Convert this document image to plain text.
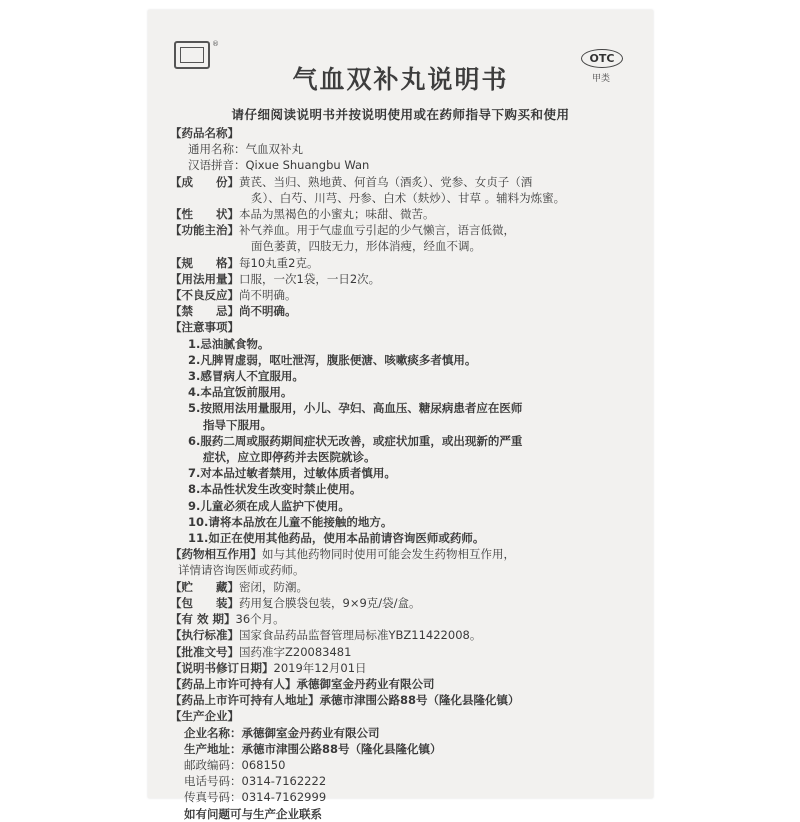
®
气血双补丸说明书
OTC
甲类
请仔细阅读说明书并按说明使用或在药师指导下购买和使用
【药品名称】
通用名称：气血双补丸
汉语拼音：Qixue Shuangbu Wan
【成　　份】黄芪、当归、熟地黄、何首乌（酒炙）、党参、女贞子（酒
炙）、白芍、川芎、丹参、白术（麸炒）、甘草 。辅料为炼蜜。
【性　　状】本品为黑褐色的小蜜丸；味甜、微苦。
【功能主治】补气养血。用于气虚血亏引起的少气懒言，语言低微，
面色萎黄，四肢无力，形体消瘦，经血不调。
【规　　格】每10丸重2克。
【用法用量】口服，一次1袋，一日2次。
【不良反应】尚不明确。
【禁　　忌】尚不明确。
【注意事项】
1.忌油腻食物。
2.凡脾胃虚弱，呕吐泄泻，腹胀便溏、咳嗽痰多者慎用。
3.感冒病人不宜服用。
4.本品宜饭前服用。
5.按照用法用量服用，小儿、孕妇、高血压、糖尿病患者应在医师
指导下服用。
6.服药二周或服药期间症状无改善，或症状加重，或出现新的严重
症状，应立即停药并去医院就诊。
7.对本品过敏者禁用，过敏体质者慎用。
8.本品性状发生改变时禁止使用。
9.儿童必须在成人监护下使用。
10.请将本品放在儿童不能接触的地方。
11.如正在使用其他药品，使用本品前请咨询医师或药师。
【药物相互作用】如与其他药物同时使用可能会发生药物相互作用，
详情请咨询医师或药师。
【贮　　藏】密闭，防潮。
【包　　装】药用复合膜袋包装，9×9克/袋/盒。
【有 效 期】36个月。
【执行标准】国家食品药品监督管理局标准YBZ11422008。
【批准文号】国药准字Z20083481
【说明书修订日期】2019年12月01日
【药品上市许可持有人】承德御室金丹药业有限公司
【药品上市许可持有人地址】承德市津围公路88号（隆化县隆化镇）
【生产企业】
企业名称：承德御室金丹药业有限公司
生产地址：承德市津围公路88号（隆化县隆化镇）
邮政编码：068150
电话号码：0314-7162222
传真号码：0314-7162999
如有问题可与生产企业联系
